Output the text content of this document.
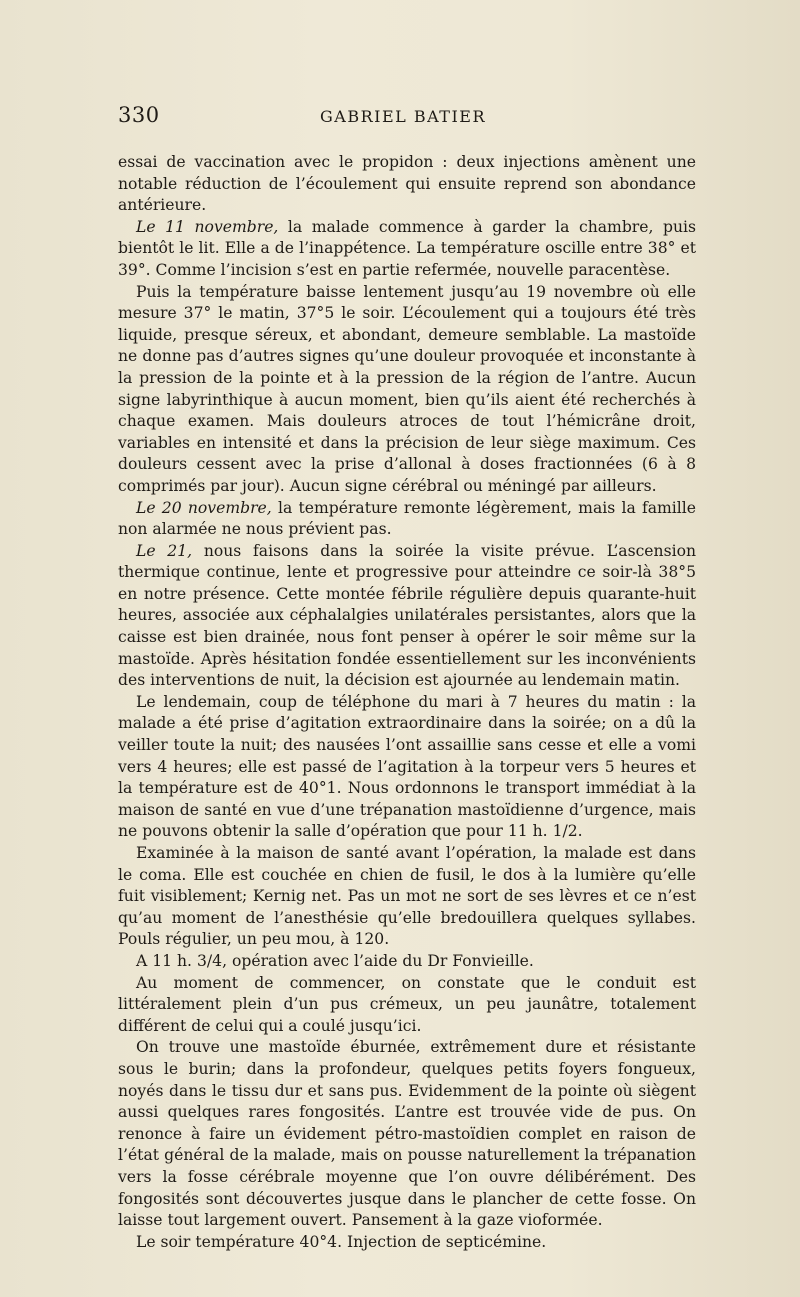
330	GABRIEL BATIER

essai de vaccination avec le propidon : deux injections amènent une notable réduction de l’écoulement qui ensuite reprend son abondance antérieure.

Le 11 novembre, la malade commence à garder la chambre, puis bientôt le lit. Elle a de l’inappétence. La température oscille entre 38° et 39°. Comme l’incision s’est en partie refermée, nouvelle paracentèse.

Puis la température baisse lentement jusqu’au 19 novembre où elle mesure 37° le matin, 37°5 le soir. L’écoulement qui a toujours été très liquide, presque séreux, et abondant, demeure semblable. La mastoïde ne donne pas d’autres signes qu’une douleur provoquée et inconstante à la pression de la pointe et à la pression de la région de l’antre. Aucun signe labyrinthique à aucun moment, bien qu’ils aient été recherchés à chaque examen. Mais douleurs atroces de tout l’hémicrâne droit, variables en intensité et dans la précision de leur siège maximum. Ces douleurs cessent avec la prise d’allonal à doses fractionnées (6 à 8 comprimés par jour). Aucun signe cérébral ou méningé par ailleurs.

Le 20 novembre, la température remonte légèrement, mais la famille non alarmée ne nous prévient pas.

Le 21, nous faisons dans la soirée la visite prévue. L’ascension thermique continue, lente et progressive pour atteindre ce soir-là 38°5 en notre présence. Cette montée fébrile régulière depuis quarante-huit heures, associée aux céphalalgies unilatérales persistantes, alors que la caisse est bien drainée, nous font penser à opérer le soir même sur la mastoïde. Après hésitation fondée essentiellement sur les inconvénients des interventions de nuit, la décision est ajournée au lendemain matin.

Le lendemain, coup de téléphone du mari à 7 heures du matin : la malade a été prise d’agitation extraordinaire dans la soirée; on a dû la veiller toute la nuit; des nausées l’ont assaillie sans cesse et elle a vomi vers 4 heures; elle est passé de l’agitation à la torpeur vers 5 heures et la température est de 40°1. Nous ordonnons le transport immédiat à la maison de santé en vue d’une trépanation mastoïdienne d’urgence, mais ne pouvons obtenir la salle d’opération que pour 11 h. 1/2.

Examinée à la maison de santé avant l’opération, la malade est dans le coma. Elle est couchée en chien de fusil, le dos à la lumière qu’elle fuit visiblement; Kernig net. Pas un mot ne sort de ses lèvres et ce n’est qu’au moment de l’anesthésie qu’elle bredouillera quelques syllabes. Pouls régulier, un peu mou, à 120.

A 11 h. 3/4, opération avec l’aide du Dr Fonvieille.

Au moment de commencer, on constate que le conduit est littéralement plein d’un pus crémeux, un peu jaunâtre, totalement différent de celui qui a coulé jusqu’ici.

On trouve une mastoïde éburnée, extrêmement dure et résistante sous le burin; dans la profondeur, quelques petits foyers fongueux, noyés dans le tissu dur et sans pus. Evidemment de la pointe où siègent aussi quelques rares fongosités. L’antre est trouvée vide de pus. On renonce à faire un évidement pétro-mastoïdien complet en raison de l’état général de la malade, mais on pousse naturellement la trépanation vers la fosse cérébrale moyenne que l’on ouvre délibérément. Des fongosités sont découvertes jusque dans le plancher de cette fosse. On laisse tout largement ouvert. Pansement à la gaze vioformée.

Le soir température 40°4. Injection de septicémine.
